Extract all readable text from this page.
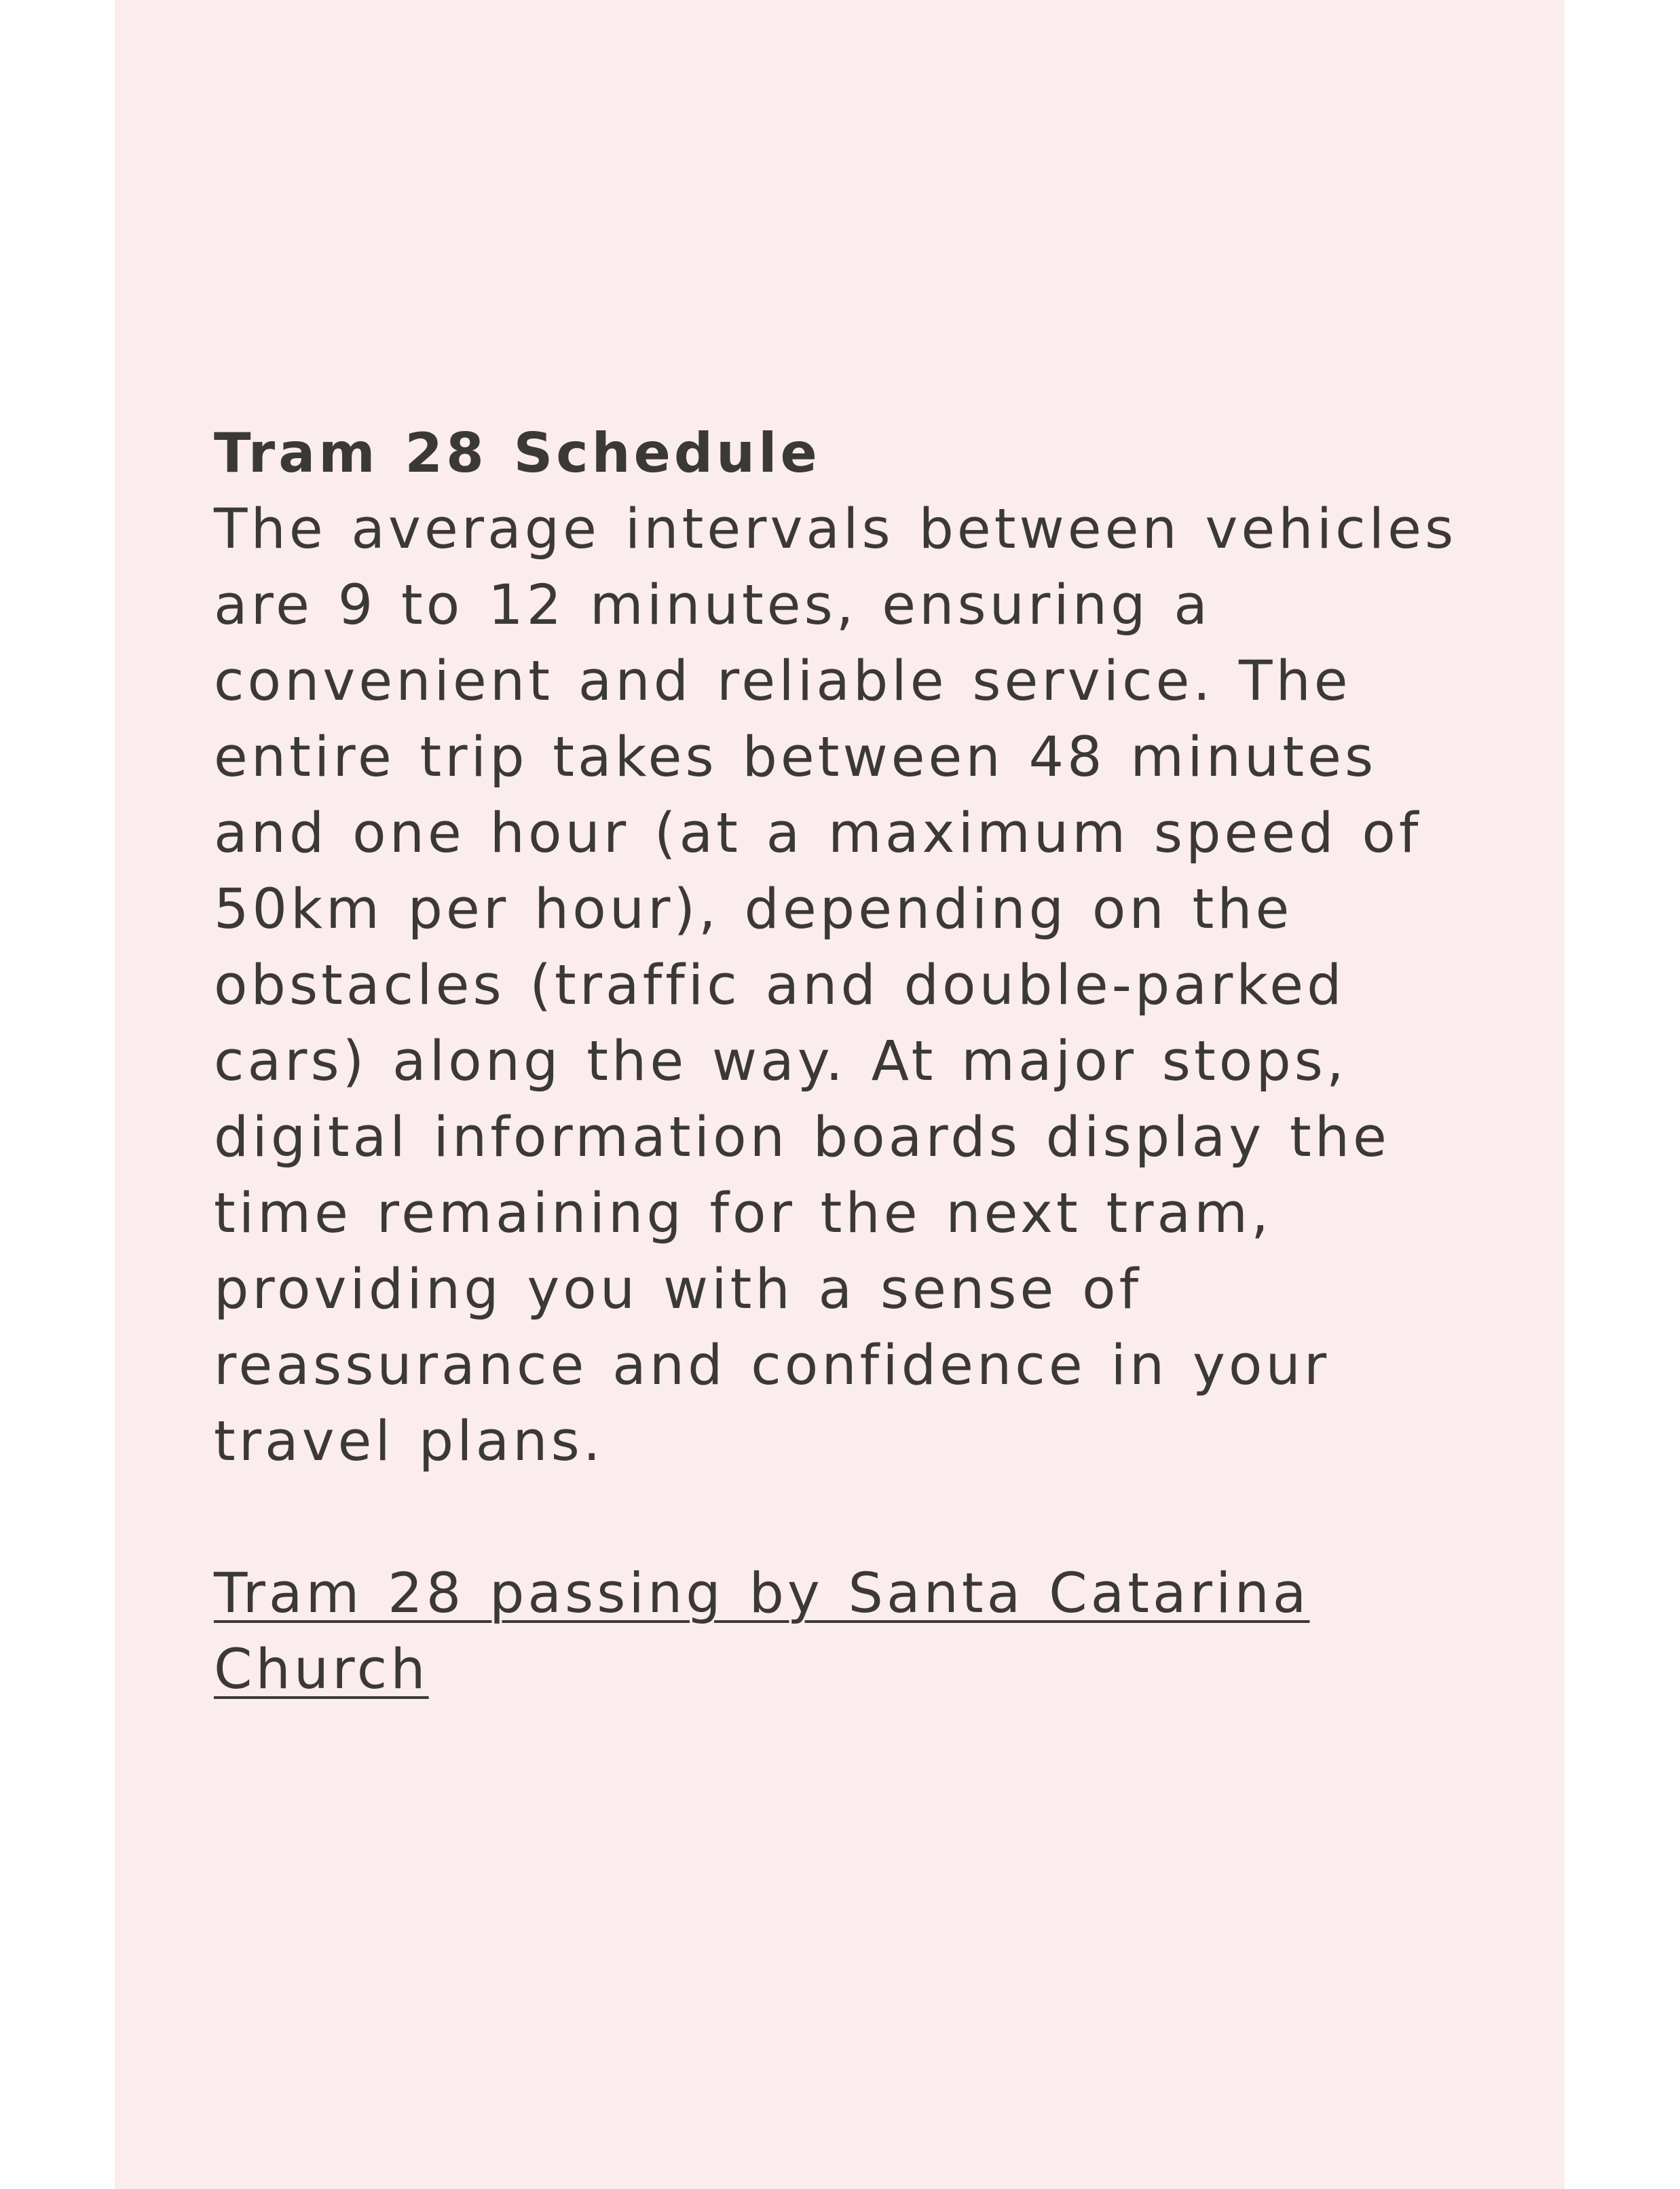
Tram 28 Schedule

The average intervals between vehicles are 9 to 12 minutes, ensuring a convenient and reliable service. The entire trip takes between 48 minutes and one hour (at a maximum speed of 50km per hour), depending on the obstacles (traffic and double-parked cars) along the way. At major stops, digital information boards display the time remaining for the next tram, providing you with a sense of reassurance and confidence in your travel plans.

Tram 28 passing by Santa Catarina Church
